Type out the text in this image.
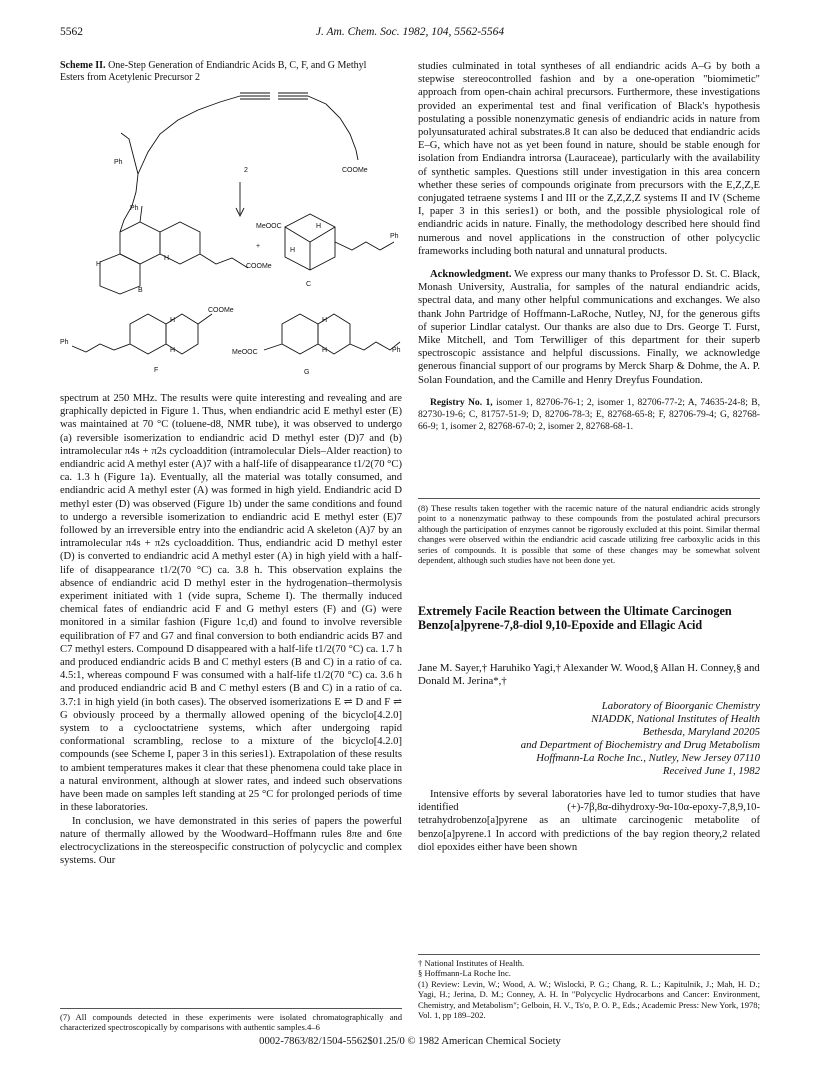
5562	J. Am. Chem. Soc. 1982, 104, 5562-5564
Scheme II. One-Step Generation of Endiandric Acids B, C, F, and G Methyl Esters from Acetylenic Precursor 2
Ph
COOMe
2
Ph
COOMe
H
H
B
+
MeOOC	H
H
Ph
C
COOMe
Ph
H
H
F
MeOOC
H
H	Ph
G

spectrum at 250 MHz. The results were quite interesting and revealing and are graphically depicted in Figure 1. Thus, when endiandric acid E methyl ester (E) was maintained at 70 °C (toluene-d8, NMR tube), it was observed to undergo (a) reversible isomerization to endiandric acid D methyl ester (D)7 and (b) intramolecular π4s + π2s cycloaddition (intramolecular Diels–Alder reaction) to endiandric acid A methyl ester (A)7 with a half-life of disappearance t1/2(70 °C) ca. 1.3 h (Figure 1a). Eventually, all the material was totally consumed, and endiandric acid A methyl ester (A) was formed in high yield. Endiandric acid D methyl ester (D) was observed (Figure 1b) under the same conditions and found to undergo a reversible isomerization to endiandric acid E methyl ester (E)7 followed by an irreversible entry into the endiandric acid A skeleton (A)7 by an intramolecular π4s + π2s cycloaddition. Thus, endiandric acid D methyl ester (D) is converted to endiandric acid A methyl ester (A) in high yield with a half-life of disappearance t1/2(70 °C) ca. 3.8 h. This observation explains the absence of endiandric acid D methyl ester in the hydrogenation–thermolysis experiment initiated with 1 (vide supra, Scheme I). The thermally induced chemical fates of endiandric acid F and G methyl esters (F) and (G) were monitored in a similar fashion (Figure 1c,d) and found to involve reversible equilibration of F7 and G7 and final conversion to both endiandric acids B7 and C7 methyl esters. Compound D disappeared with a half-life t1/2(70 °C) ca. 1.7 h and produced endiandric acids B and C methyl esters (B and C) in a ratio of ca. 4.5:1, whereas compound F was consumed with a half-life t1/2(70 °C) ca. 3.6 h and produced endiandric acid B and C methyl esters (B and C) in a ratio of ca. 3.7:1 in high yield (in both cases). The observed isomerizations E ⇌ D and F ⇌ G obviously proceed by a thermally allowed opening of the bicyclo[4.2.0] system to a cyclooctatriene systems, which after undergoing rapid conformational scrambling, reclose to a mixture of the bicyclo[4.2.0] compounds (see Scheme I, paper 3 in this series1). Extrapolation of these results to ambient temperatures makes it clear that these phenomena could take place in a natural environment, although at slower rates, and indeed such observations have been made on samples left standing at 25 °C for prolonged periods of time in these laboratories.

In conclusion, we have demonstrated in this series of papers the powerful nature of thermally allowed by the Woodward–Hoffmann rules 8πe and 6πe electrocyclizations in the stereospecific construction of polycyclic and complex systems. Our

(7) All compounds detected in these experiments were isolated chromatographically and characterized spectroscopically by comparisons with authentic samples.4–6

studies culminated in total syntheses of all endiandric acids A–G by both a stepwise stereocontrolled fashion and by a one-operation "biomimetic" approach from open-chain achiral precursors. Furthermore, these investigations provided an experimental test and final verification of Black's hypothesis postulating a possible nonenzymatic genesis of endiandric acids in nature from polyunsaturated achiral substrates.8 It can also be deduced that endiandric acids E–G, which have not as yet been found in nature, should be stable enough for isolation from Endiandra introrsa (Lauraceae), particularly with the availability of synthetic samples. Questions still under investigation in this area concern whether these series of compounds originate from precursors with the E,Z,Z,E conjugated tetraene systems I and III or the Z,Z,Z,Z systems II and IV (Scheme I, paper 3 in this series1) or both, and the possible physiological role of endiandric acids in nature. Finally, the methodology described here should find numerous and novel applications in the construction of other polycyclic frameworks including both natural and unnatural products.

Acknowledgment. We express our many thanks to Professor D. St. C. Black, Monash University, Australia, for samples of the natural endiandric acids, spectral data, and many other helpful communications and exchanges. We also thank John Partridge of Hoffmann-LaRoche, Nutley, NJ, for the generous gifts of superior Lindlar catalyst. Our thanks are also due to Drs. George T. Furst, Mike Mitchell, and Tom Terwilliger of this department for their superb spectroscopic assistance and helpful discussions. Finally, we acknowledge generous financial support of our programs by Merck Sharp & Dohme, the A. P. Solan Foundation, and the Camille and Henry Dreyfus Foundation.

Registry No. 1, isomer 1, 82706-76-1; 2, isomer 1, 82706-77-2; A, 74635-24-8; B, 82730-19-6; C, 81757-51-9; D, 82706-78-3; E, 82768-65-8; F, 82706-79-4; G, 82768-66-9; 1, isomer 2, 82768-67-0; 2, isomer 2, 82768-68-1.

(8) These results taken together with the racemic nature of the natural endiandric acids strongly point to a nonenzymatic pathway to these compounds from the postulated achiral precursors although the participation of enzymes cannot be rigorously excluded at this point. Similar thermal changes were observed within the endiandric acid cascade utilizing free carboxylic acids in this series of compounds. It is possible that some of these changes may be somewhat solvent dependent, although such studies have not been done yet.
Extremely Facile Reaction between the Ultimate Carcinogen Benzo[a]pyrene-7,8-diol 9,10-Epoxide and Ellagic Acid
Jane M. Sayer,† Haruhiko Yagi,† Alexander W. Wood,§ Allan H. Conney,§ and Donald M. Jerina*,†
Laboratory of Bioorganic Chemistry
NIADDK, National Institutes of Health
Bethesda, Maryland 20205
and Department of Biochemistry and Drug Metabolism
Hoffmann-La Roche Inc., Nutley, New Jersey 07110
Received June 1, 1982

Intensive efforts by several laboratories have led to tumor studies that have identified (+)-7β,8α-dihydroxy-9α-10α-epoxy-7,8,9,10-tetrahydrobenzo[a]pyrene as an ultimate carcinogenic metabolite of benzo[a]pyrene.1 In accord with predictions of the bay region theory,2 related diol epoxides either have been shown

† National Institutes of Health.
§ Hoffmann-La Roche Inc.
(1) Review: Levin, W.; Wood, A. W.; Wislocki, P. G.; Chang, R. L.; Kapitulnik, J.; Mah, H. D.; Yagi, H.; Jerina, D. M.; Conney, A. H. In "Polycyclic Hydrocarbons and Cancer: Environment, Chemistry, and Metabolism"; Gelboin, H. V., Ts'o, P. O. P., Eds.; Academic Press: New York, 1978; Vol. 1, pp 189–202.
0002-7863/82/1504-5562$01.25/0 © 1982 American Chemical Society
